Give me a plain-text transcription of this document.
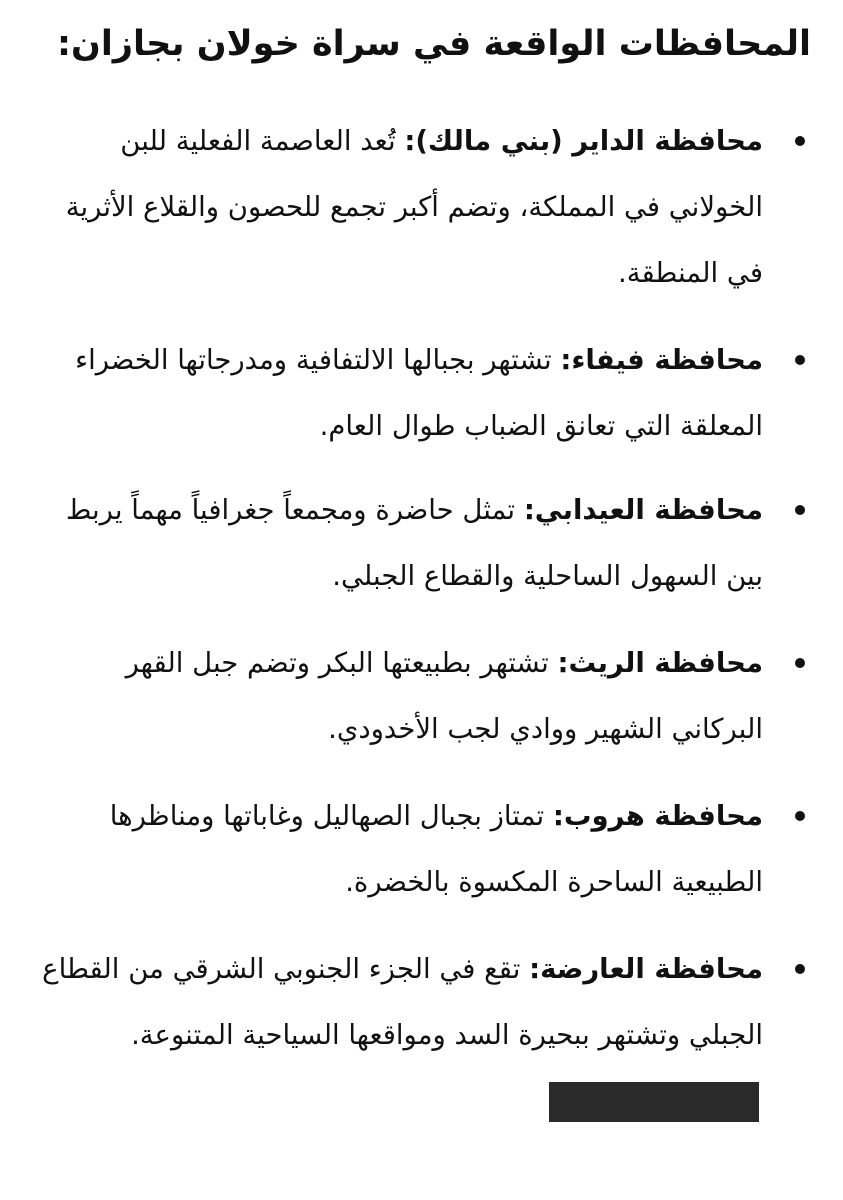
المحافظات الواقعة في سراة خولان بجازان:
محافظة الداير (بني مالك): تُعد العاصمة الفعلية للبن الخولاني في المملكة، وتضم أكبر تجمع للحصون والقلاع الأثرية في المنطقة.
محافظة فيفاء: تشتهر بجبالها الالتفافية ومدرجاتها الخضراء المعلقة التي تعانق الضباب طوال العام.
محافظة العيدابي: تمثل حاضرة ومجمعاً جغرافياً مهماً يربط بين السهول الساحلية والقطاع الجبلي.
محافظة الريث: تشتهر بطبيعتها البكر وتضم جبل القهر البركاني الشهير ووادي لجب الأخدودي.
محافظة هروب: تمتاز بجبال الصهاليل وغاباتها ومناظرها الطبيعية الساحرة المكسوة بالخضرة.
محافظة العارضة: تقع في الجزء الجنوبي الشرقي من القطاع الجبلي وتشتهر ببحيرة السد ومواقعها السياحية المتنوعة.
